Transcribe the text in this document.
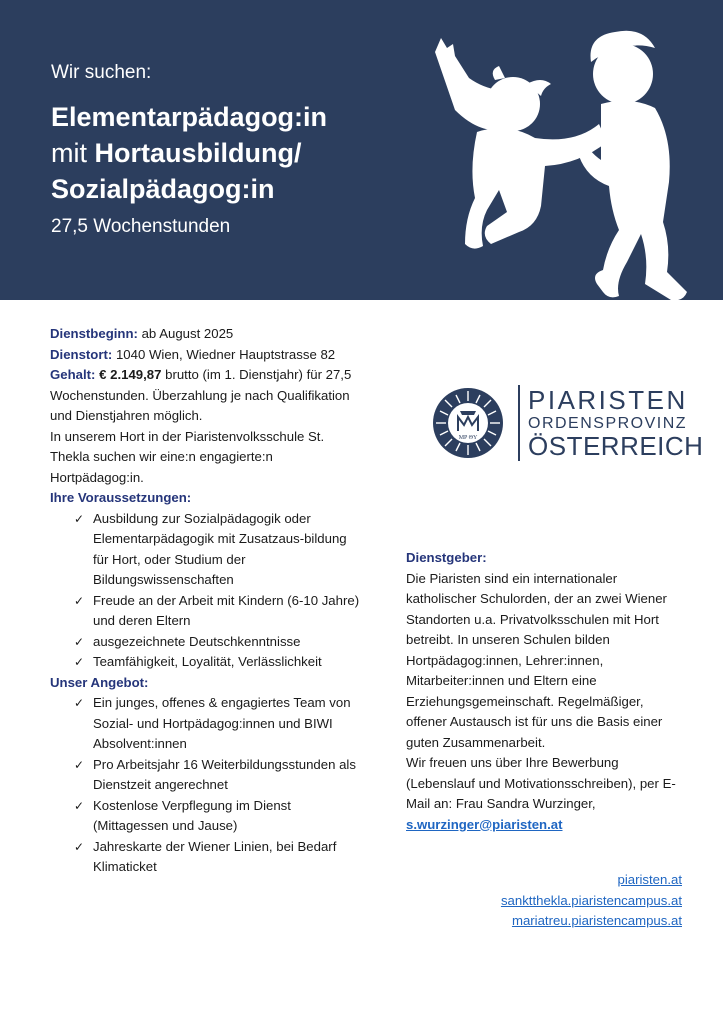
Wir suchen:
Elementarpädagog:in
mit Hortausbildung/
Sozialpädagog:in
27,5 Wochenstunden

Dienstbeginn: ab August 2025

Dienstort: 1040 Wien, Wiedner Hauptstrasse 82

Gehalt: € 2.149,87 brutto (im 1. Dienstjahr) für 27,5 Wochenstunden. Überzahlung je nach Qualifikation und Dienstjahren möglich.

In unserem Hort in der Piaristenvolksschule St. Thekla suchen wir eine:n engagierte:n Hortpädagog:in.

Ihre Voraussetzungen:

✓ Ausbildung zur Sozialpädagogik oder Elementarpädagogik mit Zusatzaus-bildung für Hort, oder Studium der Bildungswissenschaften
✓ Freude an der Arbeit mit Kindern (6-10 Jahre) und deren Eltern
✓ ausgezeichnete Deutschkenntnisse
✓ Teamfähigkeit, Loyalität, Verlässlichkeit

Unser Angebot:

✓ Ein junges, offenes & engagiertes Team von Sozial- und Hortpädagog:innen und BIWI Absolvent:innen
✓ Pro Arbeitsjahr 16 Weiterbildungsstunden als Dienstzeit angerechnet
✓ Kostenlose Verpflegung im Dienst (Mittagessen und Jause)
✓ Jahreskarte der Wiener Linien, bei Bedarf Klimaticket
MP ΘY
PIARISTEN
ORDENSPROVINZ
ÖSTERREICH

Dienstgeber:

Die Piaristen sind ein internationaler katholischer Schulorden, der an zwei Wiener Standorten u.a. Privatvolksschulen mit Hort betreibt. In unseren Schulen bilden Hortpädagog:innen, Lehrer:innen, Mitarbeiter:innen und Eltern eine Erziehungsgemeinschaft. Regelmäßiger, offener Austausch ist für uns die Basis einer guten Zusammenarbeit.

Wir freuen uns über Ihre Bewerbung (Lebenslauf und Motivationsschreiben), per E-Mail an: Frau Sandra Wurzinger,

s.wurzinger@piaristen.at

piaristen.at
sanktthekla.piaristencampus.at
mariatreu.piaristencampus.at
